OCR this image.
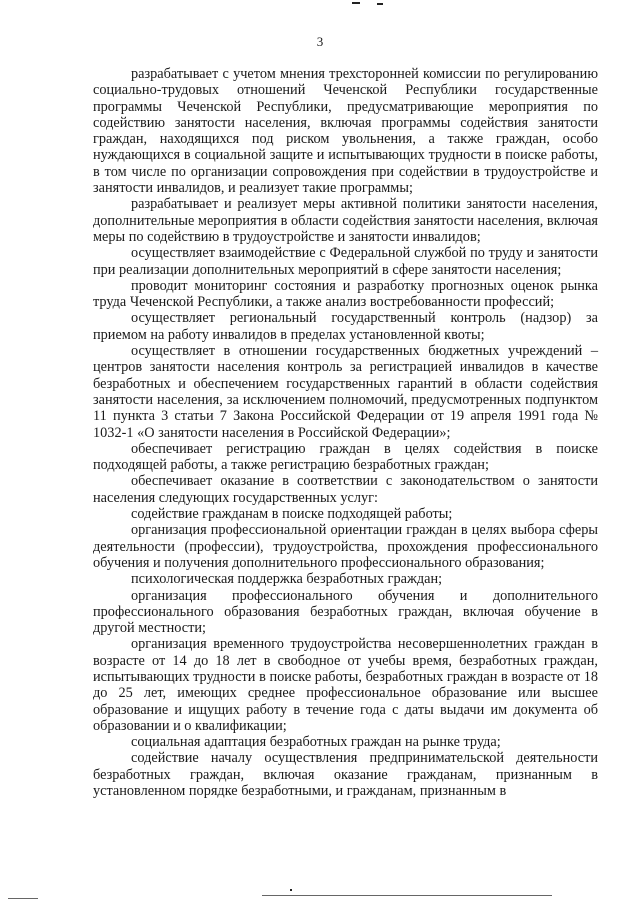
3

разрабатывает с учетом мнения трехсторонней комиссии по регулированию социально-трудовых отношений Чеченской Республики государственные программы Чеченской Республики, предусматривающие мероприятия по содействию занятости населения, включая программы содействия занятости граждан, находящихся под риском увольнения, а также граждан, особо нуждающихся в социальной защите и испытывающих трудности в поиске работы, в том числе по организации сопровождения при содействии в трудоустройстве и занятости инвалидов, и реализует такие программы;

разрабатывает и реализует меры активной политики занятости населения, дополнительные мероприятия в области содействия занятости населения, включая меры по содействию в трудоустройстве и занятости инвалидов;

осуществляет взаимодействие с Федеральной службой по труду и занятости при реализации дополнительных мероприятий в сфере занятости населения;

проводит мониторинг состояния и разработку прогнозных оценок рынка труда Чеченской Республики, а также анализ востребованности профессий;

осуществляет региональный государственный контроль (надзор) за приемом на работу инвалидов в пределах установленной квоты;

осуществляет в отношении государственных бюджетных учреждений – центров занятости населения контроль за регистрацией инвалидов в качестве безработных и обеспечением государственных гарантий в области содействия занятости населения, за исключением полномочий, предусмотренных подпунктом 11 пункта 3 статьи 7 Закона Российской Федерации от 19 апреля 1991 года № 1032-1 «О занятости населения в Российской Федерации»;

обеспечивает регистрацию граждан в целях содействия в поиске подходящей работы, а также регистрацию безработных граждан;

обеспечивает оказание в соответствии с законодательством о занятости населения следующих государственных услуг:

содействие гражданам в поиске подходящей работы;

организация профессиональной ориентации граждан в целях выбора сферы деятельности (профессии), трудоустройства, прохождения профессионального обучения и получения дополнительного профессионального образования;

психологическая поддержка безработных граждан;

организация профессионального обучения и дополнительного профессионального образования безработных граждан, включая обучение в другой местности;

организация временного трудоустройства несовершеннолетних граждан в возрасте от 14 до 18 лет в свободное от учебы время, безработных граждан, испытывающих трудности в поиске работы, безработных граждан в возрасте от 18 до 25 лет, имеющих среднее профессиональное образование или высшее образование и ищущих работу в течение года с даты выдачи им документа об образовании и о квалификации;

социальная адаптация безработных граждан на рынке труда;

содействие началу осуществления предпринимательской деятельности безработных граждан, включая оказание гражданам, признанным в установленном порядке безработными, и гражданам, признанным в
